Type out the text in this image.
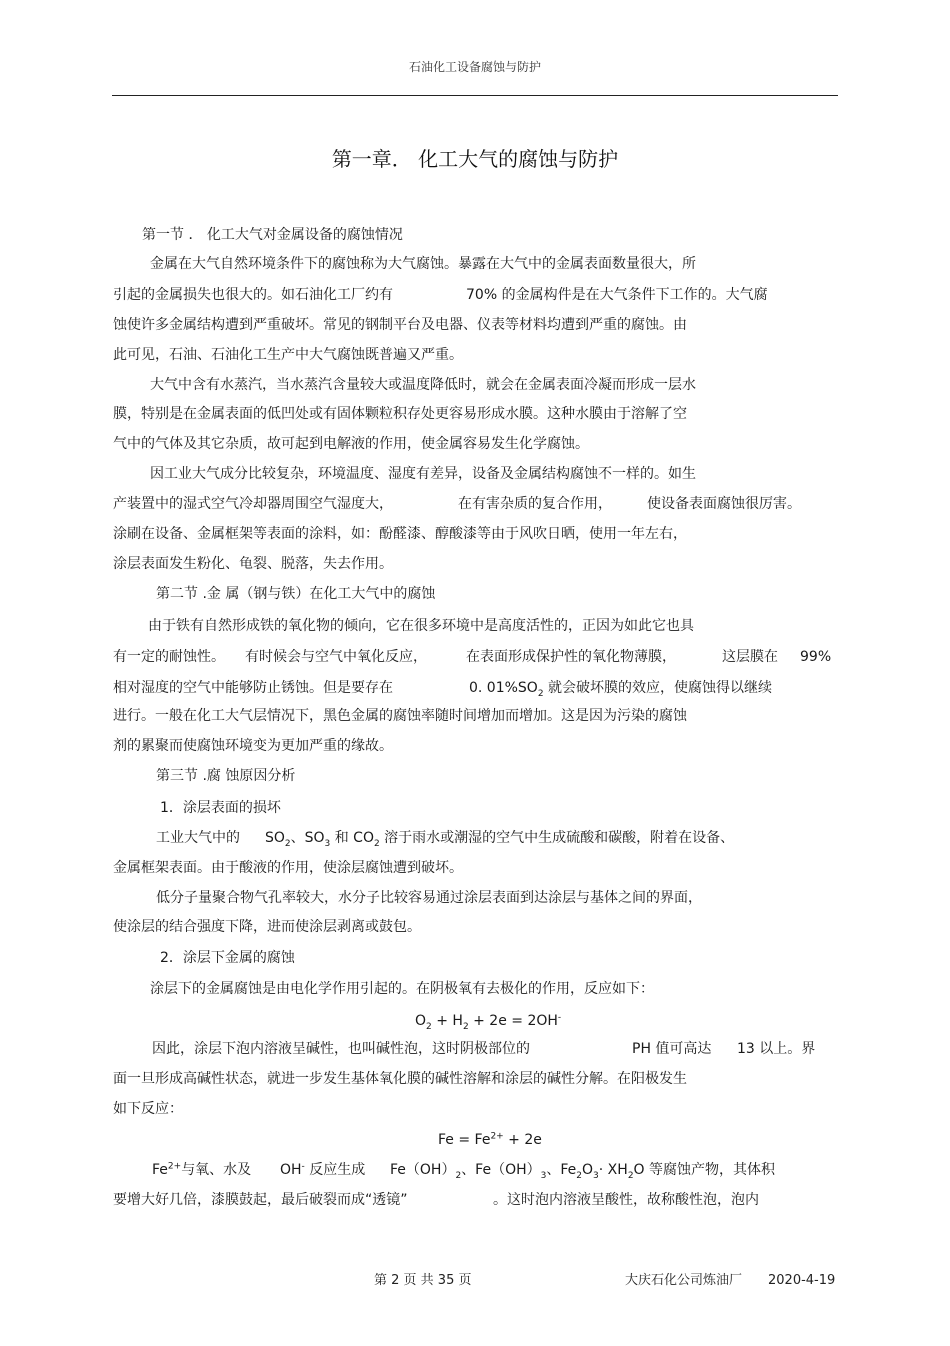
石油化工设备腐蚀与防护
第一章． 化工大气的腐蚀与防护
第一节 ． 化工大气对金属设备的腐蚀情况
金属在大气自然环境条件下的腐蚀称为大气腐蚀。暴露在大气中的金属表面数量很大，所
引起的金属损失也很大的。如石油化工厂约有	70% 的金属构件是在大气条件下工作的。大气腐
蚀使许多金属结构遭到严重破坏。常见的钢制平台及电器、仪表等材料均遭到严重的腐蚀。由
此可见，石油、石油化工生产中大气腐蚀既普遍又严重。
大气中含有水蒸汽，当水蒸汽含量较大或温度降低时，就会在金属表面冷凝而形成一层水
膜，特别是在金属表面的低凹处或有固体颗粒积存处更容易形成水膜。这种水膜由于溶解了空
气中的气体及其它杂质，故可起到电解液的作用，使金属容易发生化学腐蚀。
因工业大气成分比较复杂，环境温度、湿度有差异，设备及金属结构腐蚀不一样的。如生
产装置中的湿式空气冷却器周围空气湿度大，	在有害杂质的复合作用，	使设备表面腐蚀很厉害。
涂刷在设备、金属框架等表面的涂料，如：酚醛漆、醇酸漆等由于风吹日晒，使用一年左右，
涂层表面发生粉化、龟裂、脱落，失去作用。
第二节 .金 属（钢与铁）在化工大气中的腐蚀
由于铁有自然形成铁的氧化物的倾向，它在很多环境中是高度活性的，正因为如此它也具
有一定的耐蚀性。 有时候会与空气中氧化反应，	在表面形成保护性的氧化物薄膜，	这层膜在 99%
相对湿度的空气中能够防止锈蚀。但是要存在	0. $01\%SO_2$ 就会破坏膜的效应，使腐蚀得以继续
进行。一般在化工大气层情况下，黑色金属的腐蚀率随时间增加而增加。这是因为污染的腐蚀
剂的累聚而使腐蚀环境变为更加严重的缘故。
第三节 .腐 蚀原因分析
1．涂层表面的损坏
工业大气中的 $SO_2$、$SO_3$ 和 $CO_2$ 溶于雨水或潮湿的空气中生成硫酸和碳酸，附着在设备、
金属框架表面。由于酸液的作用，使涂层腐蚀遭到破坏。
低分子量聚合物气孔率较大，水分子比较容易通过涂层表面到达涂层与基体之间的界面，
使涂层的结合强度下降，进而使涂层剥离或鼓包。
2．涂层下金属的腐蚀
涂层下的金属腐蚀是由电化学作用引起的。在阴极氧有去极化的作用，反应如下：
$O_2 + H_2 + 2e = 2OH^-$
因此，涂层下泡内溶液呈碱性，也叫碱性泡，这时阴极部位的	PH 值可高达 13 以上。界
面一旦形成高碱性状态，就进一步发生基体氧化膜的碱性溶解和涂层的碱性分解。在阳极发生
如下反应：
$Fe = Fe^{2+} + 2e$
$Fe^{2+}$与氧、水及 OH- 反应生成 $Fe(OH)_2$、$Fe(OH)_3$、$Fe_2O_3\cdot XH_2O$ 等腐蚀产物，其体积
要增大好几倍，漆膜鼓起，最后破裂而成“透镜”	。这时泡内溶液呈酸性，故称酸性泡，泡内
第 2 页 共 35 页	大庆石化公司炼油厂 2020-4-19
